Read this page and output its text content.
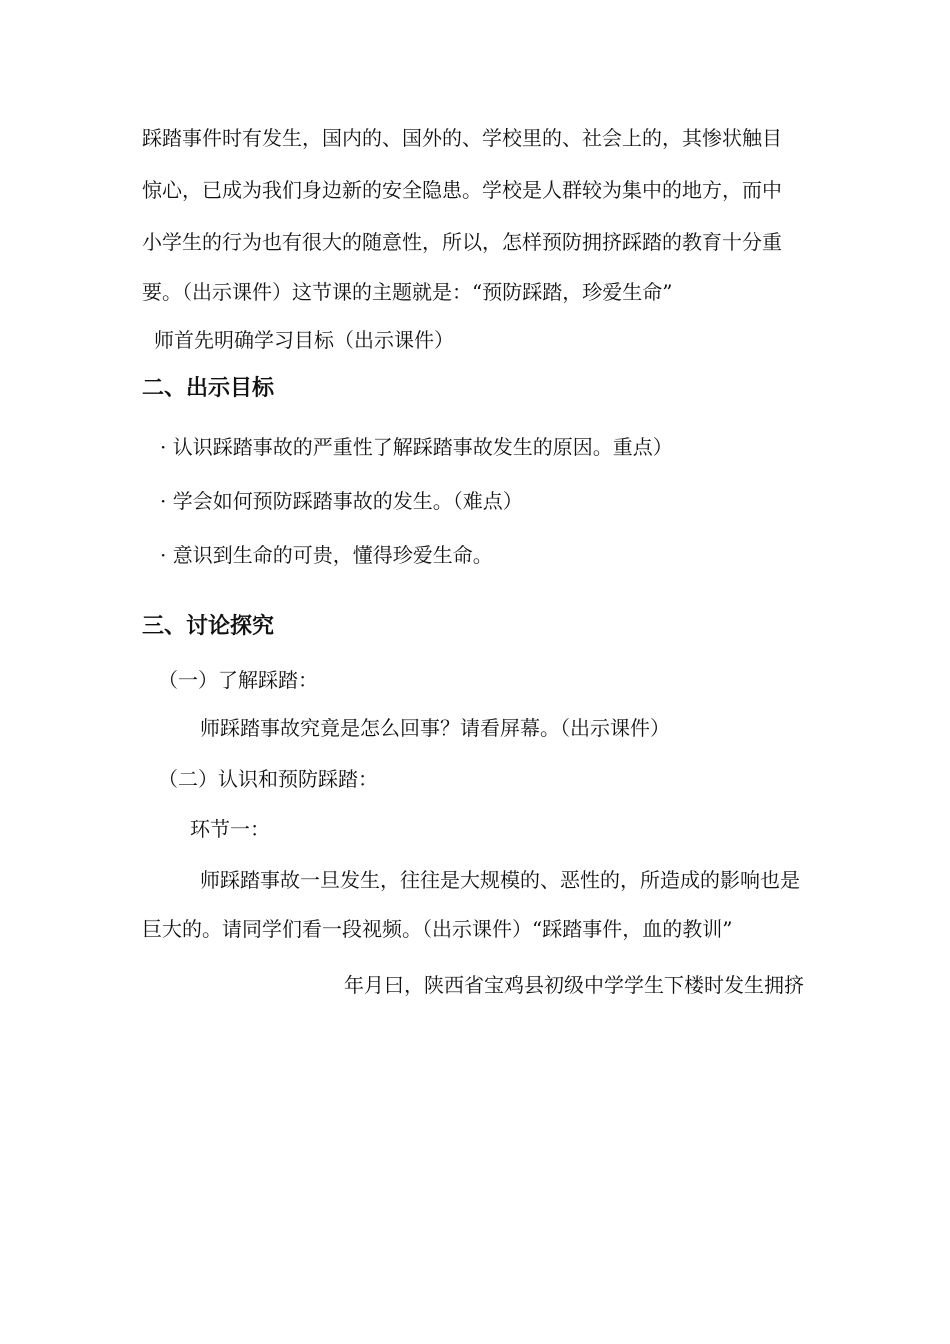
踩踏事件时有发生，国内的、国外的、学校里的、社会上的，其惨状触目
惊心，已成为我们身边新的安全隐患。学校是人群较为集中的地方，而中
小学生的行为也有很大的随意性，所以，怎样预防拥挤踩踏的教育十分重
要。（出示课件）这节课的主题就是：“预防踩踏，珍爱生命”
师首先明确学习目标（出示课件）
二、出示目标
· 认识踩踏事故的严重性了解踩踏事故发生的原因。重点）
· 学会如何预防踩踏事故的发生。（难点）
· 意识到生命的可贵，懂得珍爱生命。
三、讨论探究
（一）了解踩踏：
师踩踏事故究竟是怎么回事？请看屏幕。（出示课件）
（二）认识和预防踩踏：
环节一：
师踩踏事故一旦发生，往往是大规模的、恶性的，所造成的影响也是
巨大的。请同学们看一段视频。（出示课件）“踩踏事件，血的教训”
年月曰，陕西省宝鸡县初级中学学生下楼时发生拥挤
